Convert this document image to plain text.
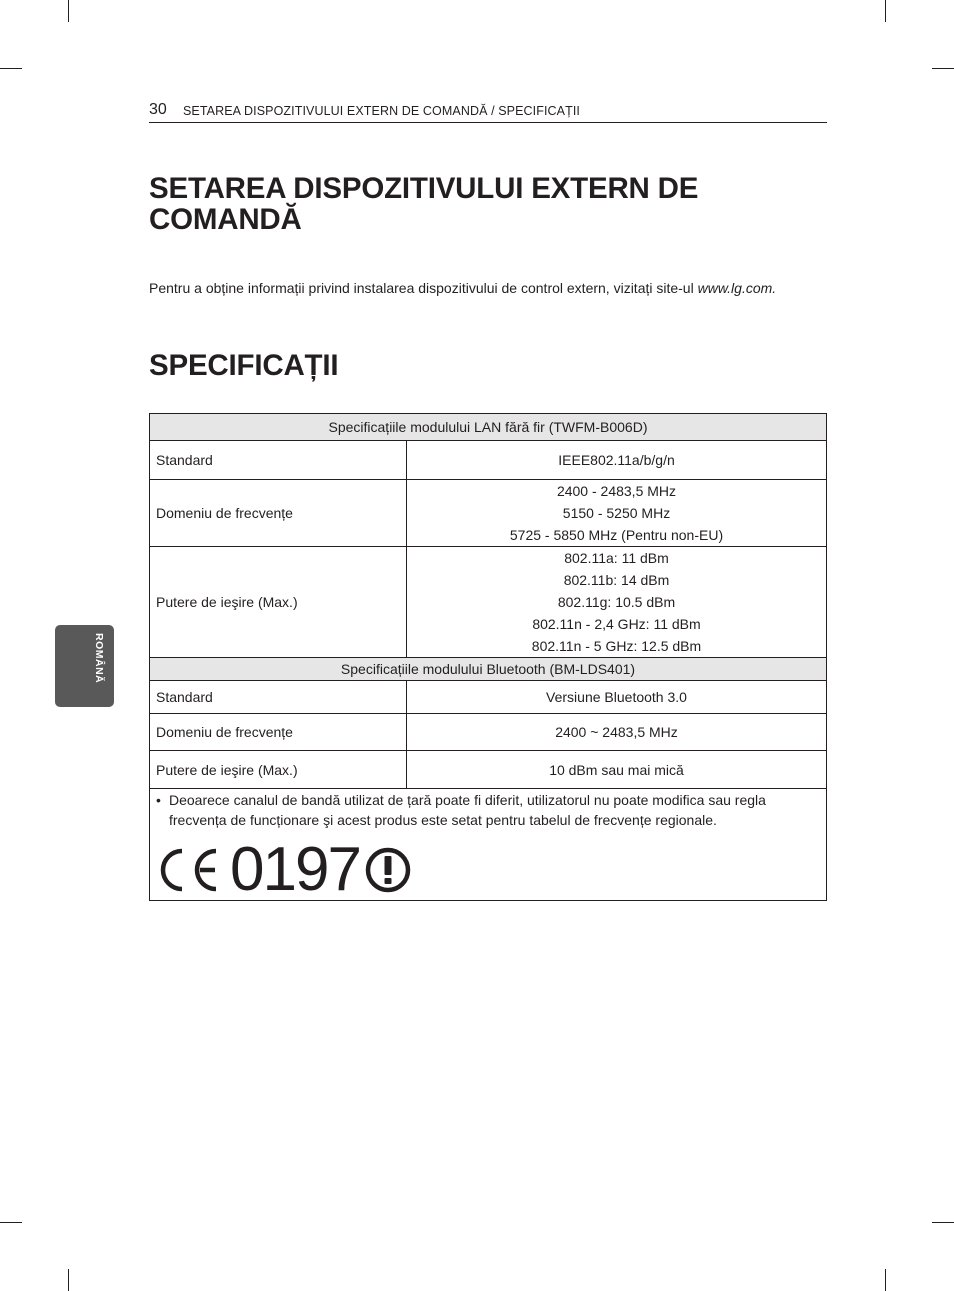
30 SETAREA DISPOZITIVULUI EXTERN DE COMANDĂ / SPECIFICAȚII
ROMÂNĂ
SETAREA DISPOZITIVULUI EXTERN DE COMANDĂ

Pentru a obține informații privind instalarea dispozitivului de control extern, vizitați site-ul www.lg.com.

SPECIFICAȚII
Specificațiile modulului LAN fără fir (TWFM-B006D)	
Standard	IEEE802.11a/b/g/n

Domeniu de frecvențe	2400 - 2483,5 MHz
5150 - 5250 MHz
5725 - 5850 MHz (Pentru non-EU)

Putere de ieşire (Max.)	802.11a: 11 dBm
802.11b: 14 dBm
802.11g: 10.5 dBm
802.11n - 2,4 GHz: 11 dBm
802.11n - 5 GHz: 12.5 dBm

Specificațiile modulului Bluetooth (BM-LDS401)	
Standard	Versiune Bluetooth 3.0

Domeniu de frecvențe	2400 ~ 2483,5 MHz

Putere de ieşire (Max.)	10 dBm sau mai mică

• Deoarece canalul de bandă utilizat de țară poate fi diferit, utilizatorul nu poate modifica sau regla frecvența de funcționare şi acest produs este setat pentru tabelul de frecvențe regionale.
0197	
